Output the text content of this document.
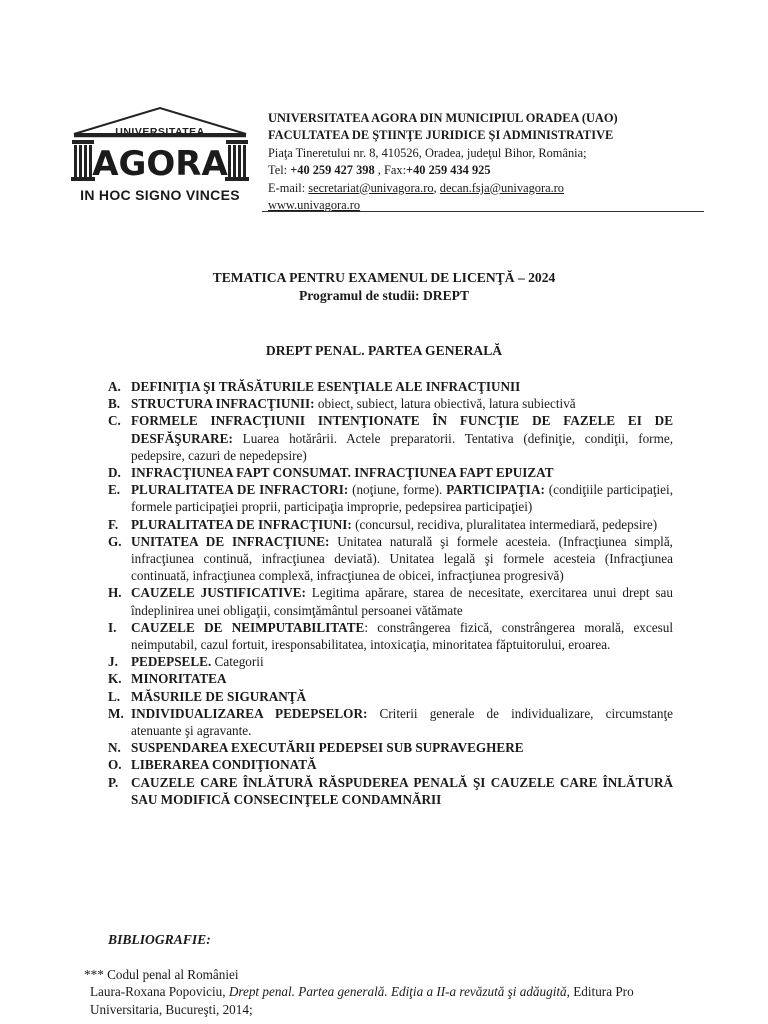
UNIVERSITATEA
AGORA
IN HOC SIGNO VINCES
UNIVERSITATEA AGORA DIN MUNICIPIUL ORADEA (UAO)
FACULTATEA DE ŞTIINŢE JURIDICE ŞI ADMINISTRATIVE
Piaţa Tineretului nr. 8, 410526, Oradea, judeţul Bihor, România;
Tel: +40 259 427 398 , Fax:+40 259 434 925
E-mail: secretariat@univagora.ro, decan.fsja@univagora.ro
www.univagora.ro
TEMATICA PENTRU EXAMENUL DE LICENŢĂ – 2024
Programul de studii: DREPT
DREPT PENAL. PARTEA GENERALĂ
A. DEFINIŢIA ŞI TRĂSĂTURILE ESENŢIALE ALE INFRACŢIUNII
B. STRUCTURA INFRACŢIUNII: obiect, subiect, latura obiectivă, latura subiectivă
C. FORMELE INFRACŢIUNII INTENŢIONATE ÎN FUNCŢIE DE FAZELE EI DE DESFĂŞURARE: Luarea hotărârii. Actele preparatorii. Tentativa (definiţie, condiţii, forme, pedepsire, cazuri de nepedepsire)
D. INFRACŢIUNEA FAPT CONSUMAT. INFRACŢIUNEA FAPT EPUIZAT
E. PLURALITATEA DE INFRACTORI: (noţiune, forme). PARTICIPAŢIA: (condiţiile participaţiei, formele participaţiei proprii, participaţia improprie, pedepsirea participaţiei)
F. PLURALITATEA DE INFRACŢIUNI: (concursul, recidiva, pluralitatea intermediară, pedepsire)
G. UNITATEA DE INFRACŢIUNE: Unitatea naturală şi formele acesteia. (Infracţiunea simplă, infracţiunea continuă, infracţiunea deviată). Unitatea legală şi formele acesteia (Infracţiunea continuată, infracţiunea complexă, infracţiunea de obicei, infracţiunea progresivă)
H. CAUZELE JUSTIFICATIVE: Legitima apărare, starea de necesitate, exercitarea unui drept sau îndeplinirea unei obligaţii, consimţământul persoanei vătămate
I. CAUZELE DE NEIMPUTABILITATE: constrângerea fizică, constrângerea morală, excesul neimputabil, cazul fortuit, iresponsabilitatea, intoxicaţia, minoritatea făptuitorului, eroarea.
J. PEDEPSELE. Categorii
K. MINORITATEA
L. MĂSURILE DE SIGURANŢĂ
M. INDIVIDUALIZAREA PEDEPSELOR: Criterii generale de individualizare, circumstanţe atenuante şi agravante.
N. SUSPENDAREA EXECUTĂRII PEDEPSEI SUB SUPRAVEGHERE
O. LIBERAREA CONDIŢIONATĂ
P. CAUZELE CARE ÎNLĂTURĂ RĂSPUDEREA PENALĂ ŞI CAUZELE CARE ÎNLĂTURĂ SAU MODIFICĂ CONSECINŢELE CONDAMNĂRII
BIBLIOGRAFIE:
*** Codul penal al României
Laura-Roxana Popoviciu, Drept penal. Partea generală. Ediţia a II-a revăzută şi adăugită, Editura Pro Universitaria, Bucureşti, 2014;
